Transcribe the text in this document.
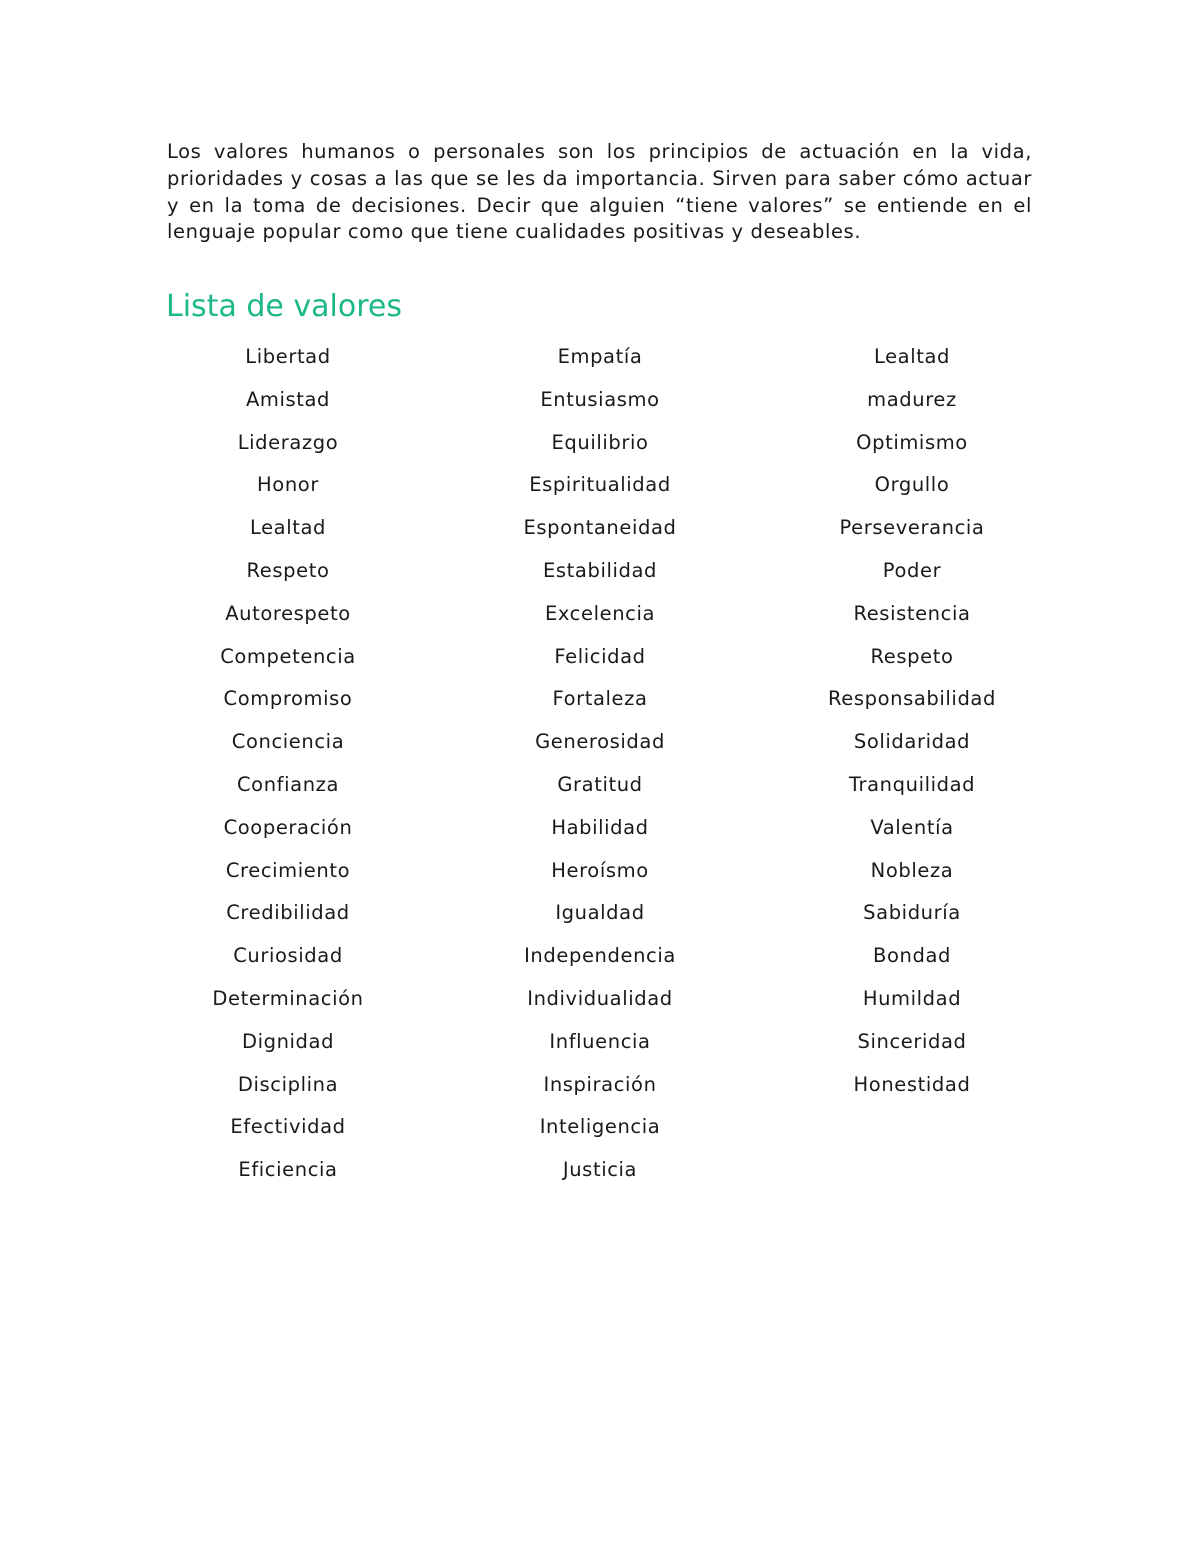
Los valores humanos o personales son los principios de actuación en la vida, prioridades y cosas a las que se les da importancia. Sirven para saber cómo actuar y en la toma de decisiones. Decir que alguien “tiene valores” se entiende en el lenguaje popular como que tiene cualidades positivas y deseables.

Lista de valores
Libertad
Amistad
Liderazgo
Honor
Lealtad
Respeto
Autorespeto
Competencia
Compromiso
Conciencia
Confianza
Cooperación
Crecimiento
Credibilidad
Curiosidad
Determinación
Dignidad
Disciplina
Efectividad
Eficiencia
Empatía
Entusiasmo
Equilibrio
Espiritualidad
Espontaneidad
Estabilidad
Excelencia
Felicidad
Fortaleza
Generosidad
Gratitud
Habilidad
Heroísmo
Igualdad
Independencia
Individualidad
Influencia
Inspiración
Inteligencia
Justicia
Lealtad
madurez
Optimismo
Orgullo
Perseverancia
Poder
Resistencia
Respeto
Responsabilidad
Solidaridad
Tranquilidad
Valentía
Nobleza
Sabiduría
Bondad
Humildad
Sinceridad
Honestidad
